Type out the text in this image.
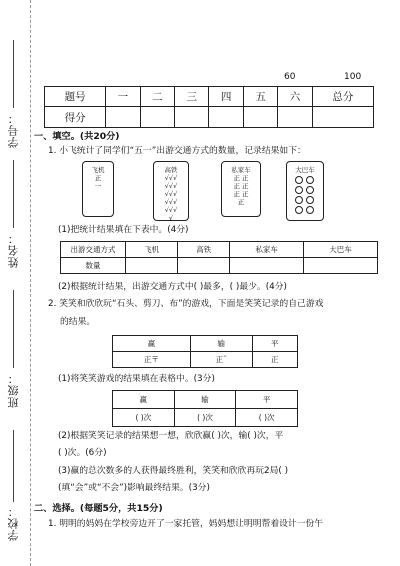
学号：
姓名：
班级：
学校：
60	100
题号	一	二	三	四	五	六	总分
得分							
一、填空。(共20分)
1. 小飞统计了同学们“五一”出游交通方式的数量，记录结果如下：
飞机
正
一
高铁
√√√
√√√
√√√
√√√
√√√
√
私家车
正 正
正 正
正 正
正
大巴车
(1)把统计结果填在下表中。(4分)
出游交通方式	飞机	高铁	私家车	大巴车
数量				
(2)根据统计结果，出游交通方式中( )最多，( )最少。(4分)
2. 笑笑和欣欣玩“石头、剪刀、布”的游戏，下面是笑笑记录的自己游戏
的结果。
赢	输	平
正〒	正¨	正
(1)将笑笑游戏的结果填在表格中。(3分)
赢	输	平
( )次	( )次	( )次
(2)根据笑笑记录的结果想一想，欣欣赢( )次，输( )次，平
( )次。(6分)
(3)赢的总次数多的人获得最终胜利，笑笑和欣欣再玩2局( )
(填“会”或“不会”)影响最终结果。(3分)
二、选择。(每题5分，共15分)
1. 明明的妈妈在学校旁边开了一家托管，妈妈想让明明帮着设计一份午
